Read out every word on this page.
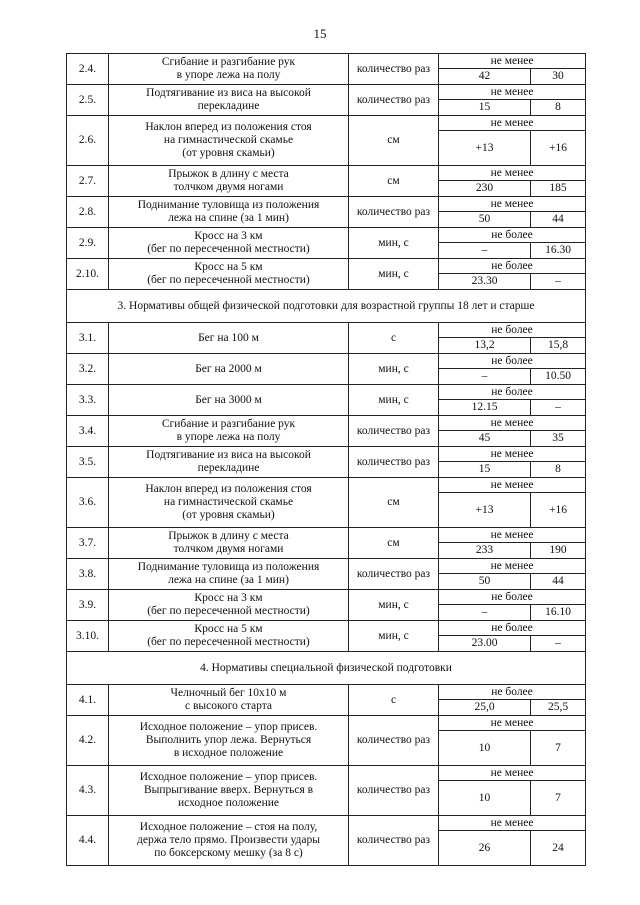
15
2.4.	Сгибание и разгибание рук
в упоре лежа на полу	количество раз	не менее	
			42	30
2.5.	Подтягивание из виса на высокой
перекладине	количество раз	не менее	
			15	8
2.6.	Наклон вперед из положения стоя
на гимнастической скамье
(от уровня скамьи)	см	не менее	
			+13	+16
2.7.	Прыжок в длину с места
толчком двумя ногами	см	не менее	
			230	185
2.8.	Поднимание туловища из положения
лежа на спине (за 1 мин)	количество раз	не менее	
			50	44
2.9.	Кросс на 3 км
(бег по пересеченной местности)	мин, с	не более	
			–	16.30
2.10.	Кросс на 5 км
(бег по пересеченной местности)	мин, с	не более	
			23.30	–
3. Нормативы общей физической подготовки для возрастной группы 18 лет и старше				
3.1.	Бег на 100 м	с	не более	
			13,2	15,8
3.2.	Бег на 2000 м	мин, с	не более	
			–	10.50
3.3.	Бег на 3000 м	мин, с	не более	
			12.15	–
3.4.	Сгибание и разгибание рук
в упоре лежа на полу	количество раз	не менее	
			45	35
3.5.	Подтягивание из виса на высокой
перекладине	количество раз	не менее	
			15	8
3.6.	Наклон вперед из положения стоя
на гимнастической скамье
(от уровня скамьи)	см	не менее	
			+13	+16
3.7.	Прыжок в длину с места
толчком двумя ногами	см	не менее	
			233	190
3.8.	Поднимание туловища из положения
лежа на спине (за 1 мин)	количество раз	не менее	
			50	44
3.9.	Кросс на 3 км
(бег по пересеченной местности)	мин, с	не более	
			–	16.10
3.10.	Кросс на 5 км
(бег по пересеченной местности)	мин, с	не более	
			23.00	–
4. Нормативы специальной физической подготовки				
4.1.	Челночный бег 10х10 м
с высокого старта	с	не более	
			25,0	25,5
4.2.	Исходное положение – упор присев.
Выполнить упор лежа. Вернуться
в исходное положение	количество раз	не менее	
			10	7
4.3.	Исходное положение – упор присев.
Выпрыгивание вверх. Вернуться в
исходное положение	количество раз	не менее	
			10	7
4.4.	Исходное положение – стоя на полу,
держа тело прямо. Произвести удары
по боксерскому мешку (за 8 с)	количество раз	не менее	
			26	24
